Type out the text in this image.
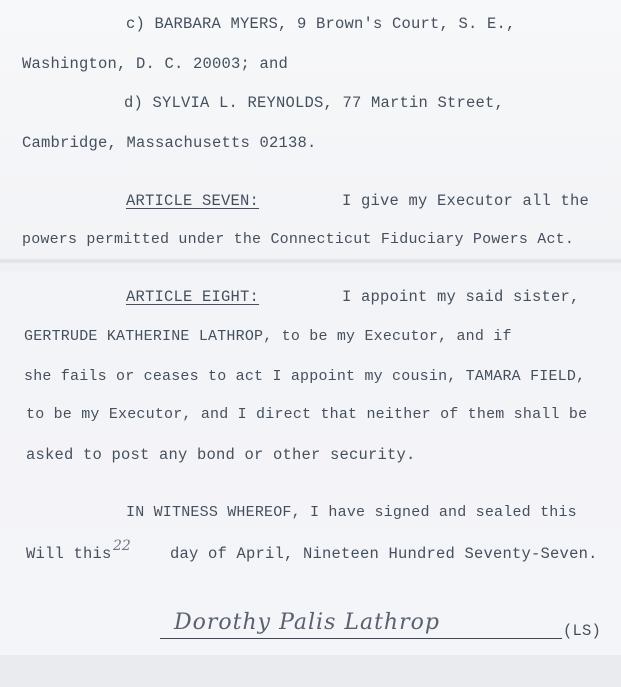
c) BARBARA MYERS, 9 Brown's Court, S. E.,
Washington, D. C. 20003; and
d) SYLVIA L. REYNOLDS, 77 Martin Street,
Cambridge, Massachusetts 02138.
ARTICLE SEVEN:	I give my Executor all the
powers permitted under the Connecticut Fiduciary Powers Act.
ARTICLE EIGHT:	I appoint my said sister,
GERTRUDE KATHERINE LATHROP, to be my Executor, and if
she fails or ceases to act I appoint my cousin, TAMARA FIELD,
to be my Executor, and I direct that neither of them shall be
asked to post any bond or other security.
IN WITNESS WHEREOF, I have signed and sealed this
Will this 22	day of April, Nineteen Hundred Seventy-Seven.
Dorothy Palis Lathrop	(LS)
